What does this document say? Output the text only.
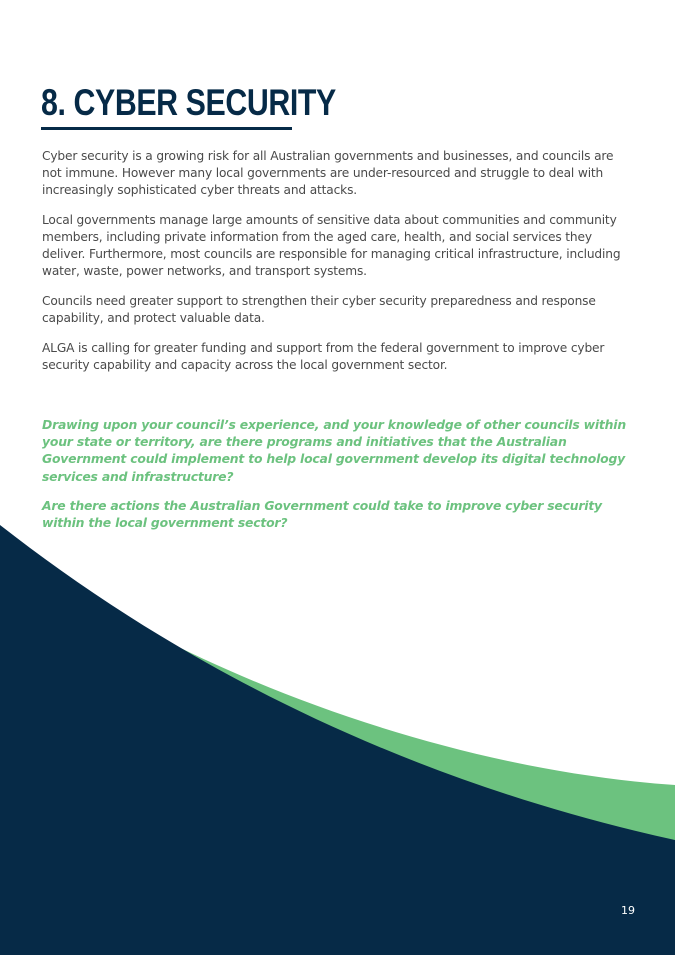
8. CYBER SECURITY

Cyber security is a growing risk for all Australian governments and businesses, and councils are not immune. However many local governments are under-resourced and struggle to deal with increasingly sophisticated cyber threats and attacks.

Local governments manage large amounts of sensitive data about communities and community members, including private information from the aged care, health, and social services they deliver. Furthermore, most councils are responsible for managing critical infrastructure, including water, waste, power networks, and transport systems.

Councils need greater support to strengthen their cyber security preparedness and response capability, and protect valuable data.

ALGA is calling for greater funding and support from the federal government to improve cyber security capability and capacity across the local government sector.

Drawing upon your council’s experience, and your knowledge of other councils within your state or territory, are there programs and initiatives that the Australian Government could implement to help local government develop its digital technology services and infrastructure?

Are there actions the Australian Government could take to improve cyber security within the local government sector?

19
